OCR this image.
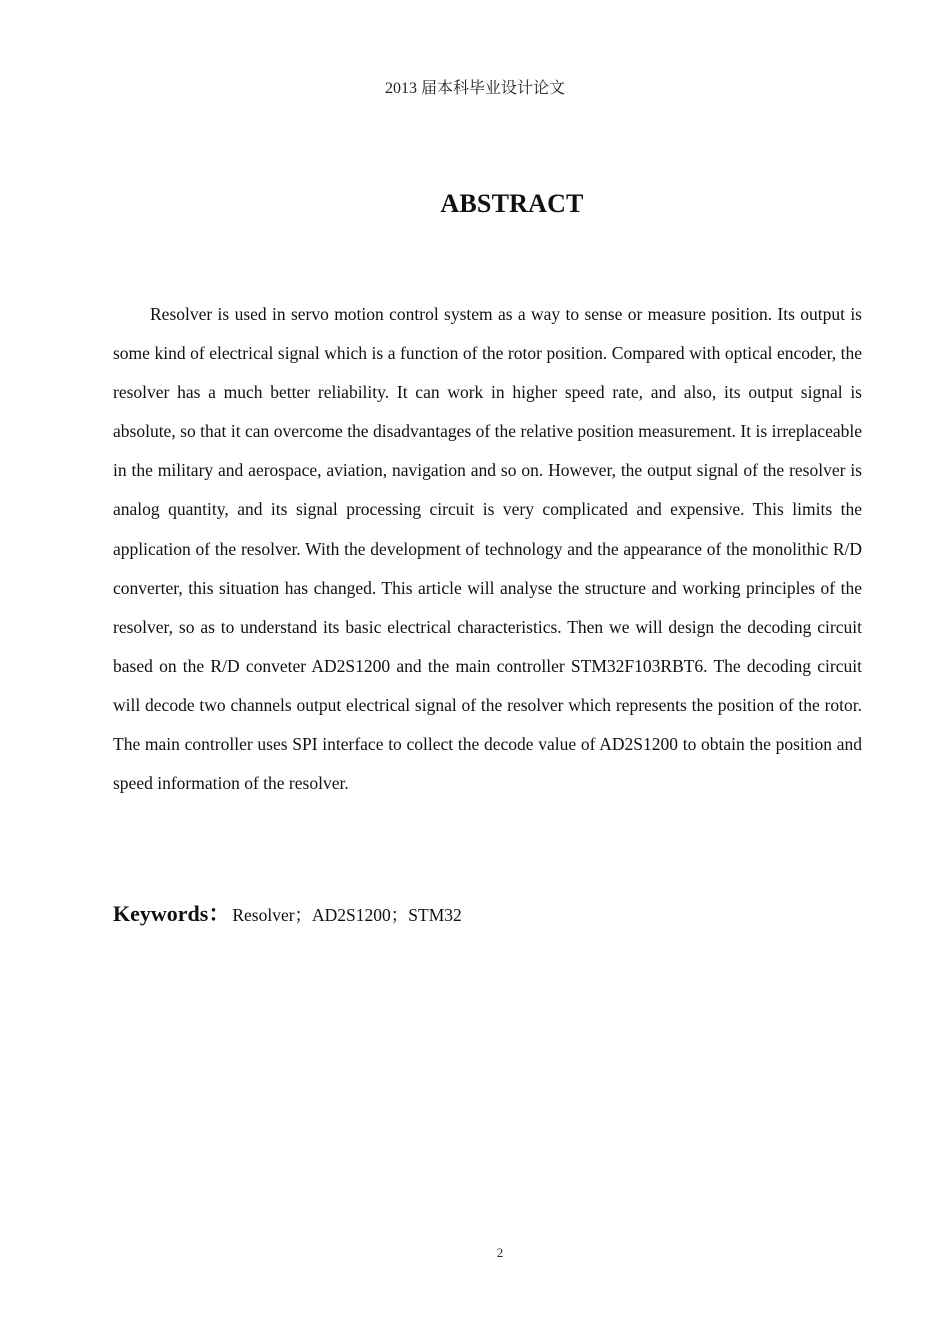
2013 届本科毕业设计论文
ABSTRACT

Resolver is used in servo motion control system as a way to sense or measure position. Its output is some kind of electrical signal which is a function of the rotor position. Compared with optical encoder, the resolver has a much better reliability. It can work in higher speed rate, and also, its output signal is absolute, so that it can overcome the disadvantages of the relative position measurement. It is irreplaceable in the military and aerospace, aviation, navigation and so on. However, the output signal of the resolver is analog quantity, and its signal processing circuit is very complicated and expensive. This limits the application of the resolver. With the development of technology and the appearance of the monolithic R/D converter, this situation has changed. This article will analyse the structure and working principles of the resolver, so as to understand its basic electrical characteristics. Then we will design the decoding circuit based on the R/D conveter AD2S1200 and the main controller STM32F103RBT6. The decoding circuit will decode two channels output electrical signal of the resolver which represents the position of the rotor. The main controller uses SPI interface to collect the decode value of AD2S1200 to obtain the position and speed information of the resolver.

Keywords： Resolver；AD2S1200；STM32
2
